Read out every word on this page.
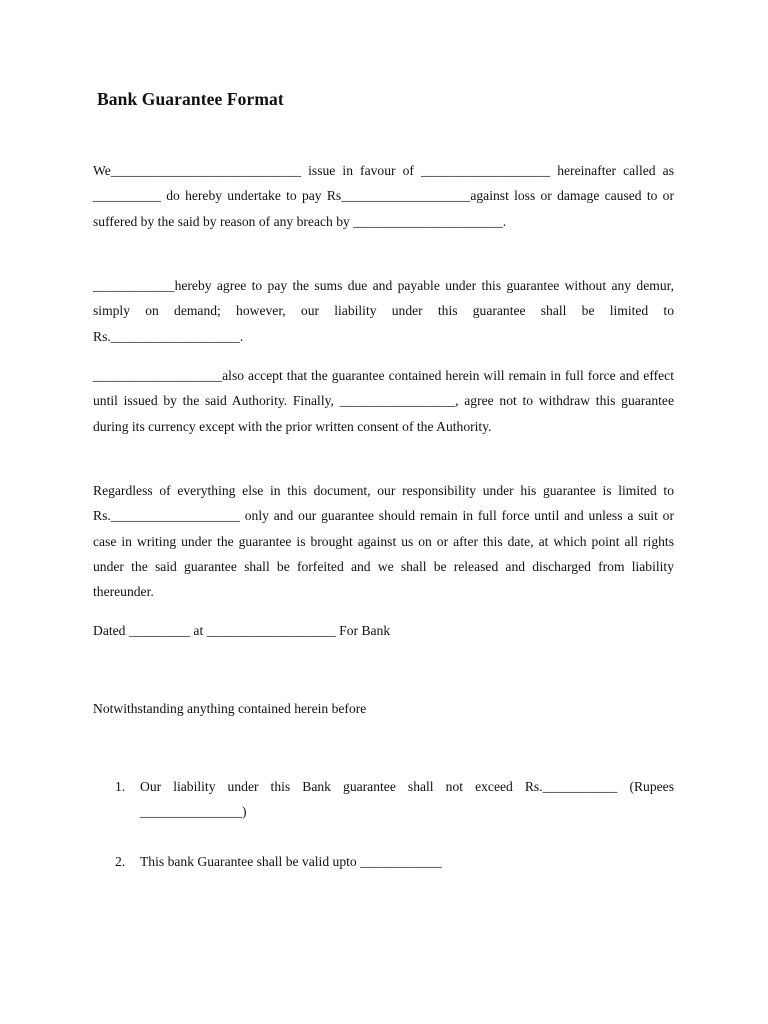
Bank Guarantee Format
We____________________________ issue in favour of ___________________ hereinafter called as __________ do hereby undertake to pay Rs___________________against loss or damage caused to or suffered by the said by reason of any breach by ______________________.
____________hereby agree to pay the sums due and payable under this guarantee without any demur, simply on demand; however, our liability under this guarantee shall be limited to Rs.___________________.
___________________also accept that the guarantee contained herein will remain in full force and effect until issued by the said Authority. Finally, _________________, agree not to withdraw this guarantee during its currency except with the prior written consent of the Authority.
Regardless of everything else in this document, our responsibility under his guarantee is limited to Rs.___________________ only and our guarantee should remain in full force until and unless a suit or case in writing under the guarantee is brought against us on or after this date, at which point all rights under the said guarantee shall be forfeited and we shall be released and discharged from liability thereunder.
Dated _________ at ___________________ For Bank
Notwithstanding anything contained herein before
1.	Our liability under this Bank guarantee shall not exceed Rs.___________ (Rupees _______________)
2.	This bank Guarantee shall be valid upto ____________
